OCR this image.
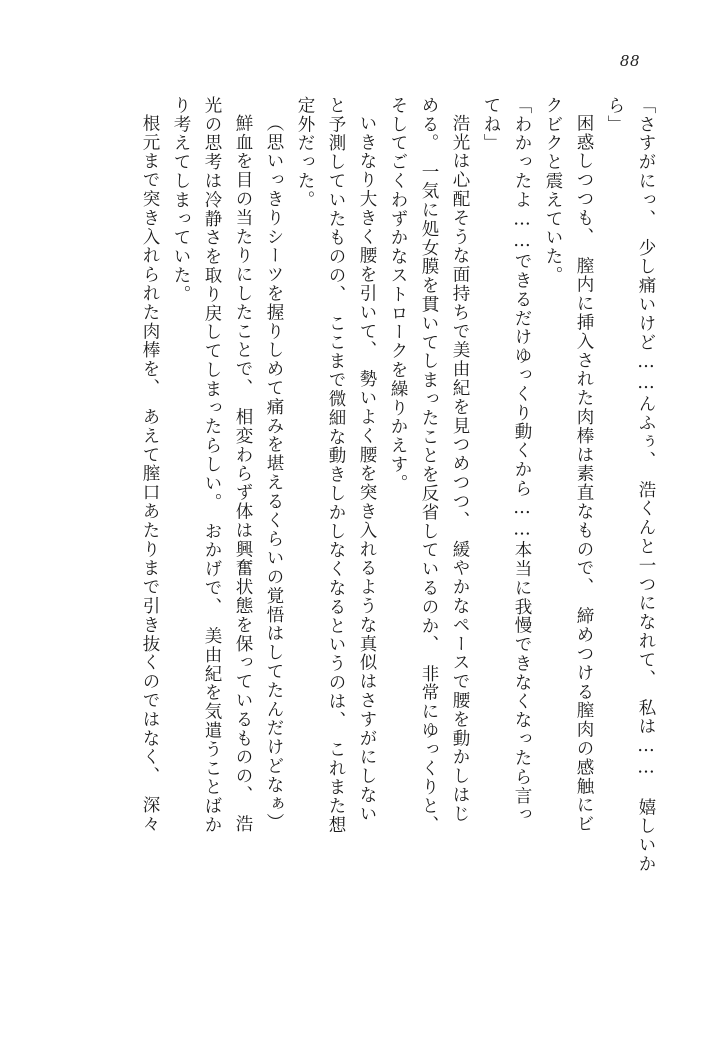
88
「さすがにっ、　少し痛いけど……んふぅ、　浩くんと一つになれて、　私は……　嬉しいか
ら」
困惑しつつも、　膣内に挿入された肉棒は素直なもので、　締めつける膣肉の感触にビ
クビクと震えていた。
「わかったよ……できるだけゆっくり動くから……本当に我慢できなくなったら言っ
てね」
浩光は心配そうな面持ちで美由紀を見つめつつ、　緩やかなペースで腰を動かしはじ
める。　一気に処女膜を貫いてしまったことを反省しているのか、　非常にゆっくりと、
そしてごくわずかなストロークを繰りかえす。
いきなり大きく腰を引いて、　勢いよく腰を突き入れるような真似はさすがにしない
と予測していたものの、　ここまで微細な動きしかしなくなるというのは、　これまた想
定外だった。
（思いっきりシーツを握りしめて痛みを堪えるくらいの覚悟はしてたんだけどなぁ）
鮮血を目の当たりにしたことで、　相変わらず体は興奮状態を保っているものの、　浩
光の思考は冷静さを取り戻してしまったらしい。　おかげで、　美由紀を気遣うことばか
り考えてしまっていた。
根元まで突き入れられた肉棒を、　あえて膣口あたりまで引き抜くのではなく、　深々
